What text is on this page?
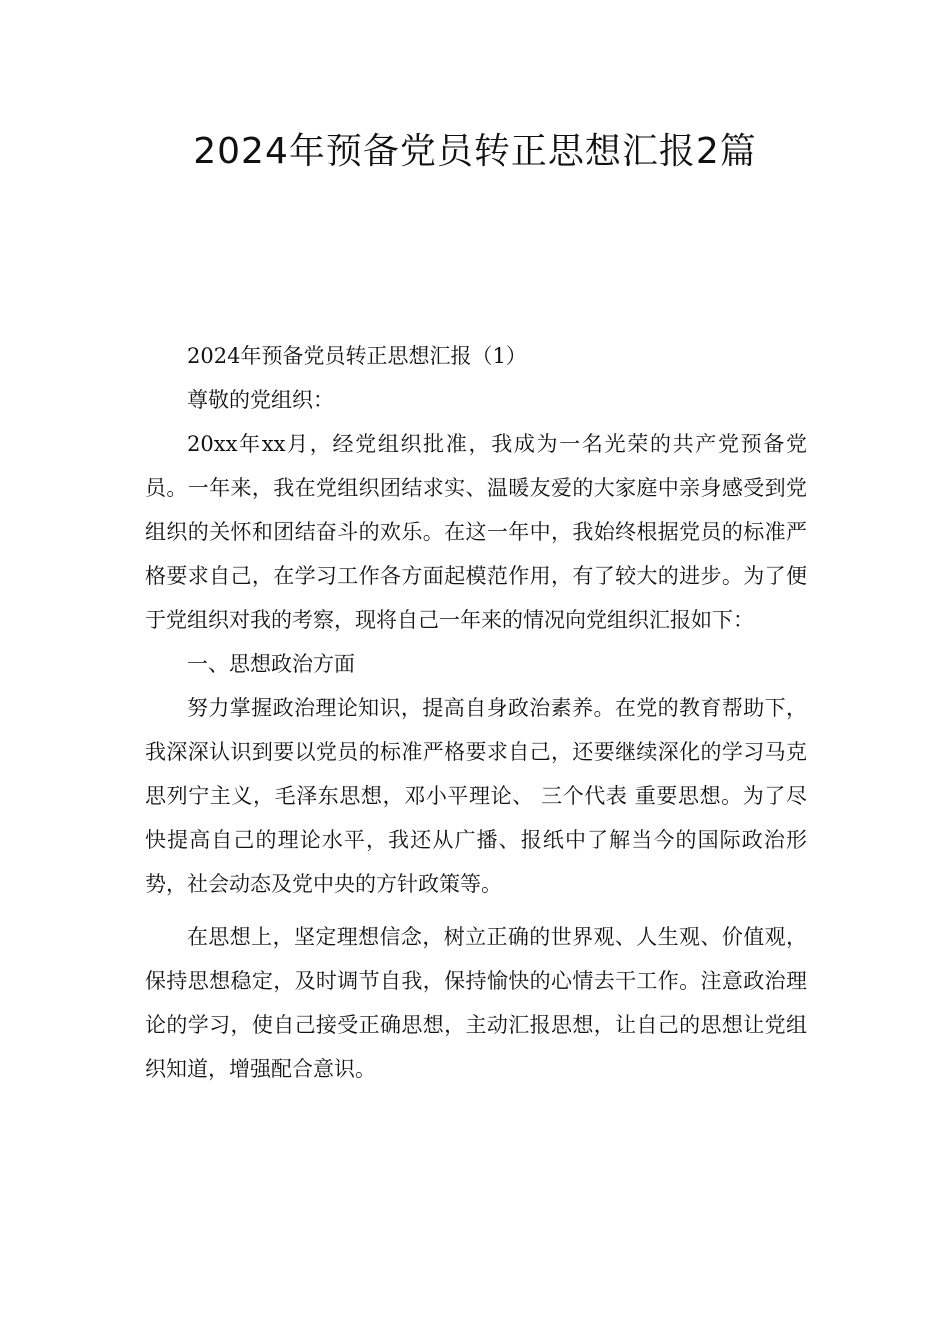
2024年预备党员转正思想汇报2篇

2024年预备党员转正思想汇报（1）

尊敬的党组织：

20xx年xx月，经党组织批准，我成为一名光荣的共产党预备党员。一年来，我在党组织团结求实、温暖友爱的大家庭中亲身感受到党组织的关怀和团结奋斗的欢乐。在这一年中，我始终根据党员的标准严格要求自己，在学习工作各方面起模范作用，有了较大的进步。为了便于党组织对我的考察，现将自己一年来的情况向党组织汇报如下：

一、思想政治方面

努力掌握政治理论知识，提高自身政治素养。在党的教育帮助下，我深深认识到要以党员的标准严格要求自己，还要继续深化的学习马克思列宁主义，毛泽东思想，邓小平理论、 三个代表 重要思想。为了尽快提高自己的理论水平，我还从广播、报纸中了解当今的国际政治形势，社会动态及党中央的方针政策等。

在思想上，坚定理想信念，树立正确的世界观、人生观、价值观，保持思想稳定，及时调节自我，保持愉快的心情去干工作。注意政治理论的学习，使自己接受正确思想，主动汇报思想，让自己的思想让党组织知道，增强配合意识。
